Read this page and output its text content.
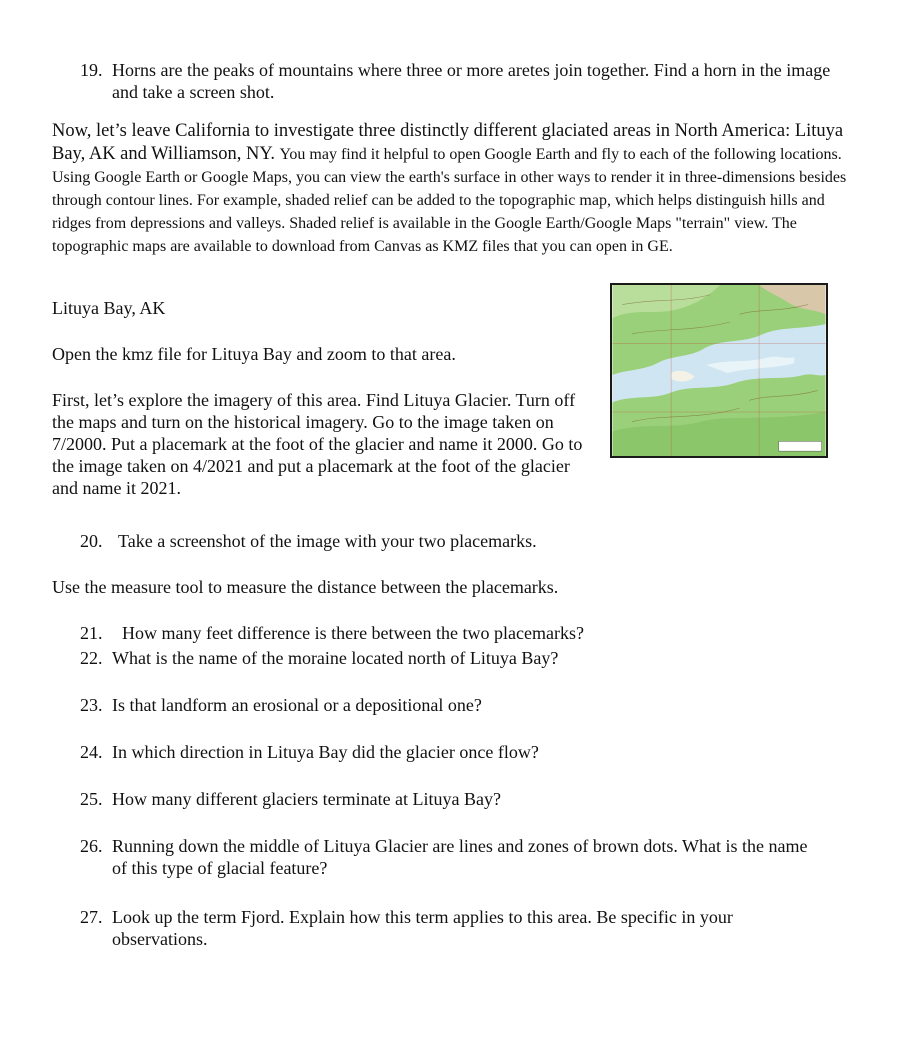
19. Horns are the peaks of mountains where three or more aretes join together. Find a horn in the image and take a screen shot.
Now, let’s leave California to investigate three distinctly different glaciated areas in North America: Lituya Bay, AK and Williamson, NY. You may find it helpful to open Google Earth and fly to each of the following locations. Using Google Earth or Google Maps, you can view the earth's surface in other ways to render it in three-dimensions besides through contour lines. For example, shaded relief can be added to the topographic map, which helps distinguish hills and ridges from depressions and valleys. Shaded relief is available in the Google Earth/Google Maps "terrain" view. The topographic maps are available to download from Canvas as KMZ files that you can open in GE.
Lituya Bay, AK
Open the kmz file for Lituya Bay and zoom to that area.
First, let’s explore the imagery of this area. Find Lituya Glacier. Turn off the maps and turn on the historical imagery. Go to the image taken on 7/2000. Put a placemark at the foot of the glacier and name it 2000. Go to the image taken on 4/2021 and put a placemark at the foot of the glacier and name it 2021.
20. Take a screenshot of the image with your two placemarks.
Use the measure tool to measure the distance between the placemarks.
21. How many feet difference is there between the two placemarks?
22. What is the name of the moraine located north of Lituya Bay?
23. Is that landform an erosional or a depositional one?
24. In which direction in Lituya Bay did the glacier once flow?
25. How many different glaciers terminate at Lituya Bay?
26. Running down the middle of Lituya Glacier are lines and zones of brown dots. What is the name of this type of glacial feature?
27. Look up the term Fjord. Explain how this term applies to this area. Be specific in your observations.
